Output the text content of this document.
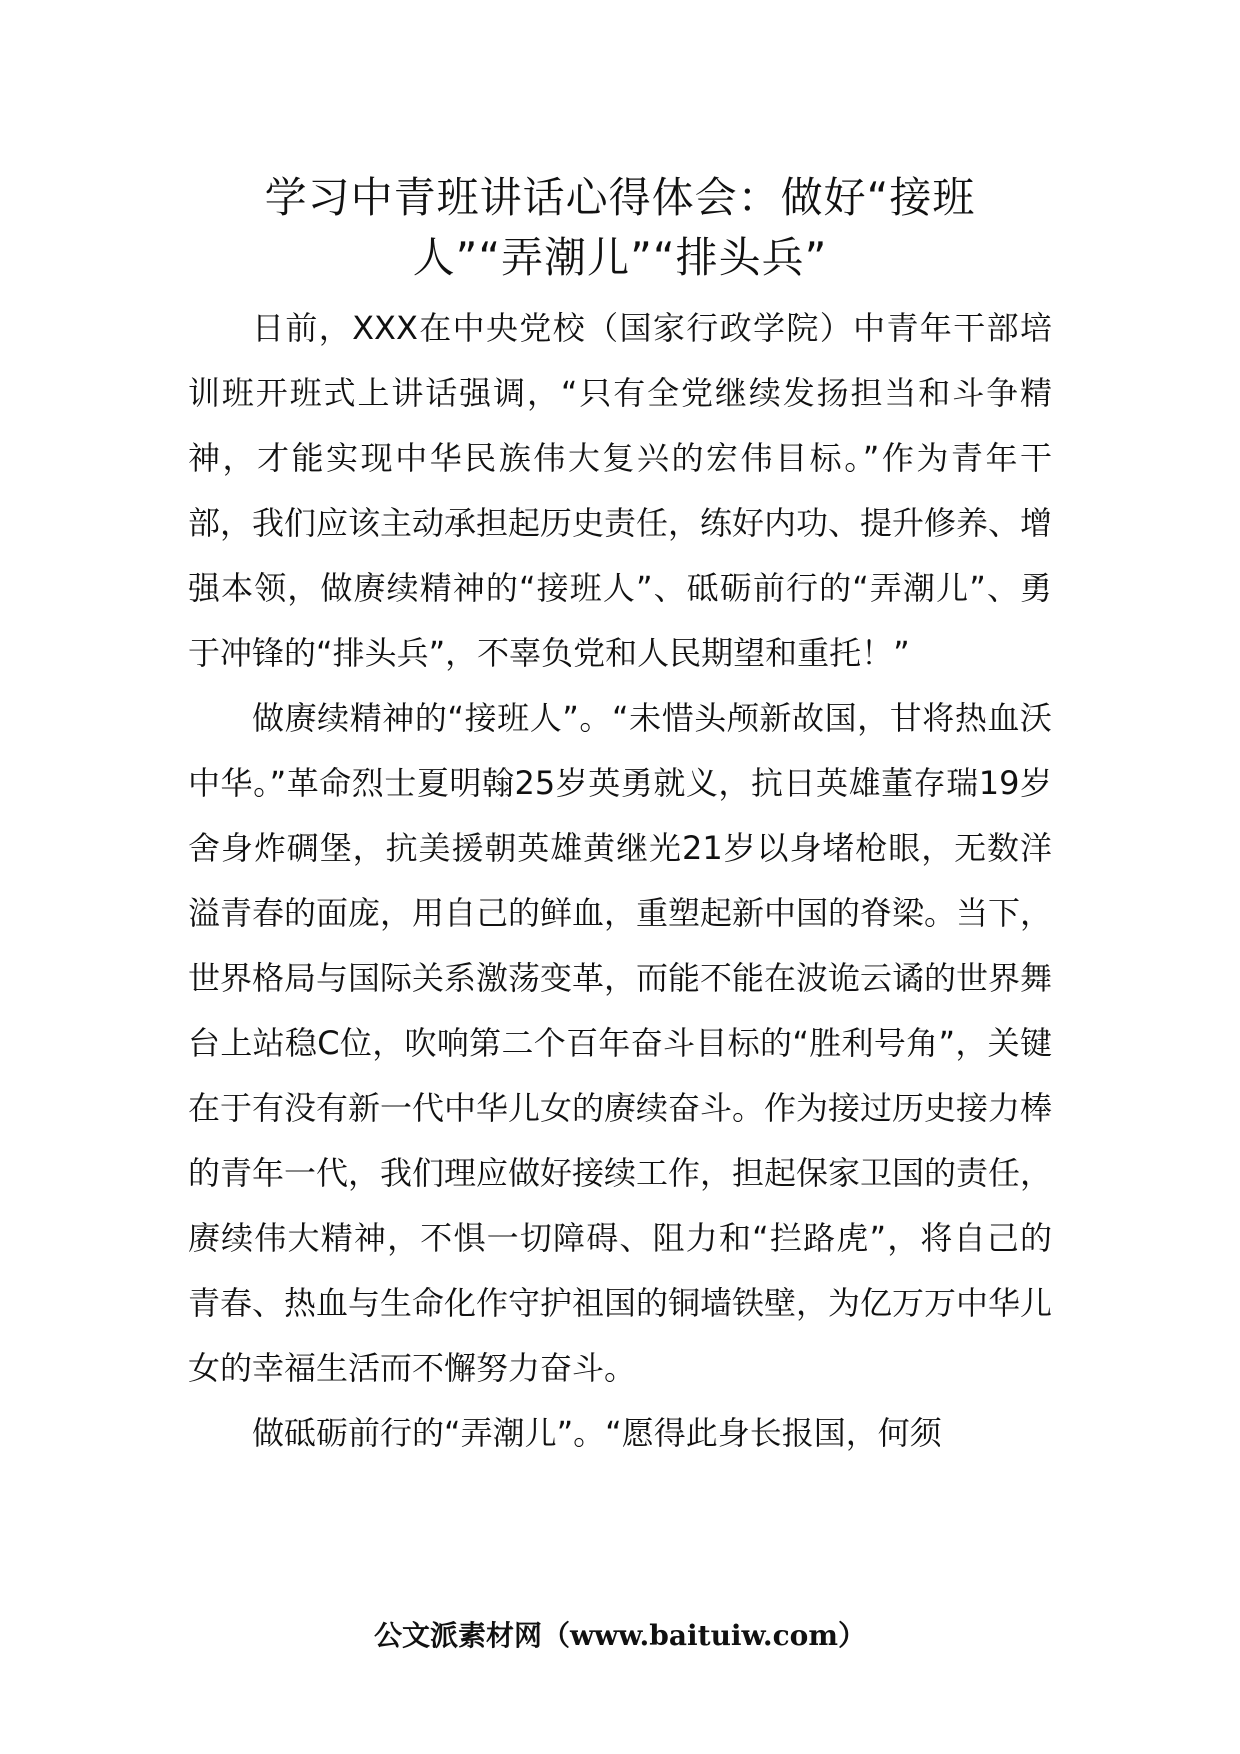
学习中青班讲话心得体会：做好“接班
人”“弄潮儿”“排头兵”

日前，XXX在中央党校（国家行政学院）中青年干部培训班开班式上讲话强调，“只有全党继续发扬担当和斗争精神，才能实现中华民族伟大复兴的宏伟目标。”作为青年干部，我们应该主动承担起历史责任，练好内功、提升修养、增强本领，做赓续精神的“接班人”、砥砺前行的“弄潮儿”、勇于冲锋的“排头兵”，不辜负党和人民期望和重托！”

做赓续精神的“接班人”。“未惜头颅新故国，甘将热血沃中华。”革命烈士夏明翰25岁英勇就义，抗日英雄董存瑞19岁舍身炸碉堡，抗美援朝英雄黄继光21岁以身堵枪眼，无数洋溢青春的面庞，用自己的鲜血，重塑起新中国的脊梁。当下，世界格局与国际关系激荡变革，而能不能在波诡云谲的世界舞台上站稳C位，吹响第二个百年奋斗目标的“胜利号角”，关键在于有没有新一代中华儿女的赓续奋斗。作为接过历史接力棒的青年一代，我们理应做好接续工作，担起保家卫国的责任，赓续伟大精神，不惧一切障碍、阻力和“拦路虎”，将自己的青春、热血与生命化作守护祖国的铜墙铁壁，为亿万万中华儿女的幸福生活而不懈努力奋斗。

做砥砺前行的“弄潮儿”。“愿得此身长报国，何须

公文派素材网（www.baituiw.com）
